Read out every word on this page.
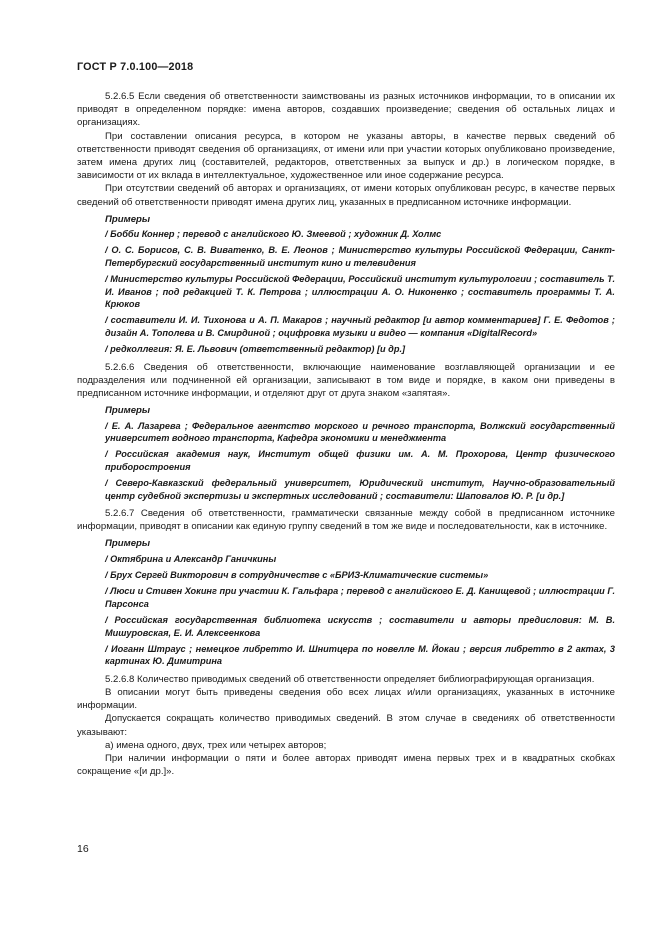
ГОСТ Р 7.0.100—2018

5.2.6.5 Если сведения об ответственности заимствованы из разных источников информации, то в описании их приводят в определенном порядке: имена авторов, создавших произведение; сведения об остальных лицах и организациях.

При составлении описания ресурса, в котором не указаны авторы, в качестве первых сведений об ответственности приводят сведения об организациях, от имени или при участии которых опубликовано произведение, затем имена других лиц (составителей, редакторов, ответственных за выпуск и др.) в логическом порядке, в зависимости от их вклада в интеллектуальное, художественное или иное содержание ресурса.

При отсутствии сведений об авторах и организациях, от имени которых опубликован ресурс, в качестве первых сведений об ответственности приводят имена других лиц, указанных в предписанном источнике информации.

Примеры

/ Бобби Коннер ; перевод с английского Ю. Змеевой ; художник Д. Холмс

/ О. С. Борисов, С. В. Виватенко, В. Е. Леонов ; Министерство культуры Российской Федерации, Санкт-Петербургский государственный институт кино и телевидения

/ Министерство культуры Российской Федерации, Российский институт культурологии ; составитель Т. И. Иванов ; под редакцией Т. К. Петрова ; иллюстрации А. О. Никоненко ; составитель программы Т. А. Крюков

/ составители И. И. Тихонова и А. П. Макаров ; научный редактор [и автор комментариев] Г. Е. Федотов ; дизайн А. Тополева и В. Смирдиной ; оцифровка музыки и видео — компания «DigitalRecord»

/ редколлегия: Я. Е. Львович (ответственный редактор) [и др.]

5.2.6.6 Сведения об ответственности, включающие наименование возглавляющей организации и ее подразделения или подчиненной ей организации, записывают в том виде и порядке, в каком они приведены в предписанном источнике информации, и отделяют друг от друга знаком «запятая».

Примеры

/ Е. А. Лазарева ; Федеральное агентство морского и речного транспорта, Волжский государственный университет водного транспорта, Кафедра экономики и менеджмента

/ Российская академия наук, Институт общей физики им. А. М. Прохорова, Центр физического приборостроения

/ Северо-Кавказский федеральный университет, Юридический институт, Научно-образовательный центр судебной экспертизы и экспертных исследований ; составители: Шаповалов Ю. Р. [и др.]

5.2.6.7 Сведения об ответственности, грамматически связанные между собой в предписанном источнике информации, приводят в описании как единую группу сведений в том же виде и последовательности, как в источнике.

Примеры

/ Октябрина и Александр Ганичкины

/ Брух Сергей Викторович в сотрудничестве с «БРИЗ-Климатические системы»

/ Люси и Стивен Хокинг при участии К. Гальфара ; перевод с английского Е. Д. Канищевой ; иллюстрации Г. Парсонса

/ Российская государственная библиотека искусств ; составители и авторы предисловия: М. В. Мишуровская, Е. И. Алексеенкова

/ Иоганн Штраус ; немецкое либретто И. Шнитцера по новелле М. Йокаи ; версия либретто в 2 актах, 3 картинах Ю. Димитрина

5.2.6.8 Количество приводимых сведений об ответственности определяет библиографирующая организация.

В описании могут быть приведены сведения обо всех лицах и/или организациях, указанных в источнике информации.

Допускается сокращать количество приводимых сведений. В этом случае в сведениях об ответственности указывают:

а) имена одного, двух, трех или четырех авторов;

При наличии информации о пяти и более авторах приводят имена первых трех и в квадратных скобках сокращение «[и др.]».

16
